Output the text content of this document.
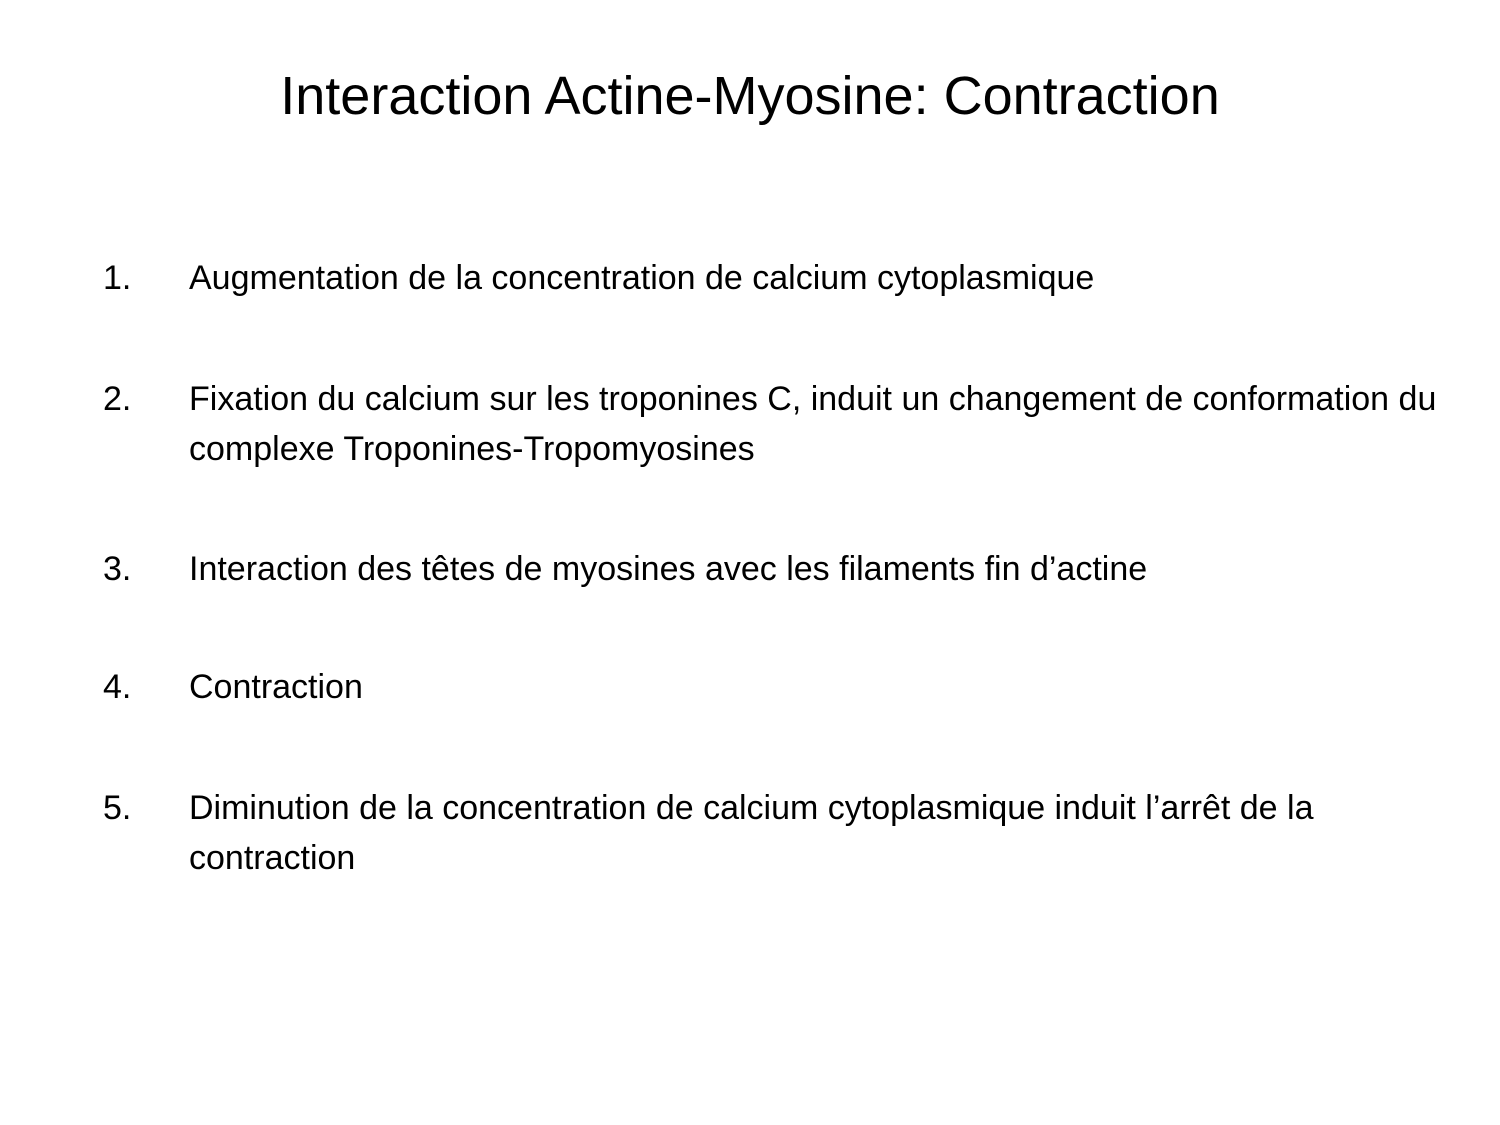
Interaction Actine-Myosine: Contraction
1. Augmentation de la concentration de calcium cytoplasmique
2. Fixation du calcium sur les troponines C, induit un changement de conformation du complexe Troponines-Tropomyosines
3. Interaction des têtes de myosines avec les filaments fin d’actine
4. Contraction
5. Diminution de la concentration de calcium cytoplasmique induit l’arrêt de la contraction
